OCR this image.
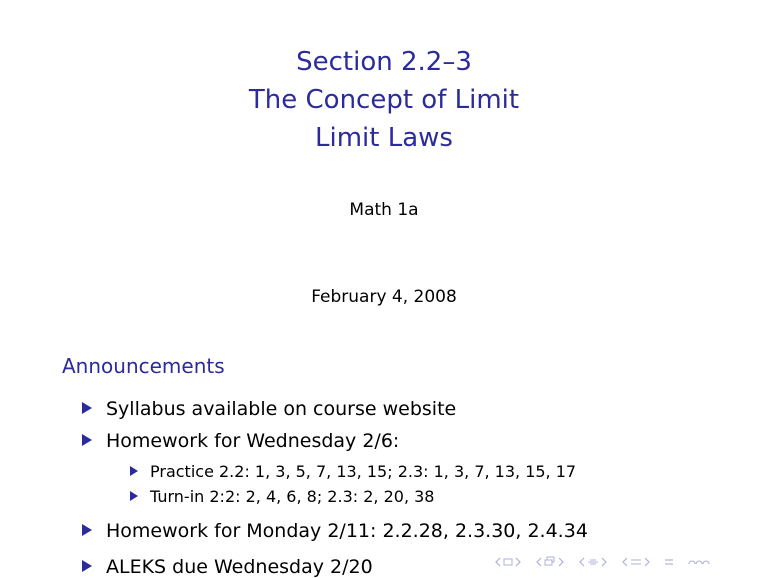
Section 2.2–3
The Concept of Limit
Limit Laws
Math 1a
February 4, 2008
Announcements
Syllabus available on course website
Homework for Wednesday 2/6:
Practice 2.2: 1, 3, 5, 7, 13, 15; 2.3: 1, 3, 7, 13, 15, 17
Turn-in 2:2: 2, 4, 6, 8; 2.3: 2, 20, 38
Homework for Monday 2/11: 2.2.28, 2.3.30, 2.4.34
ALEKS due Wednesday 2/20
